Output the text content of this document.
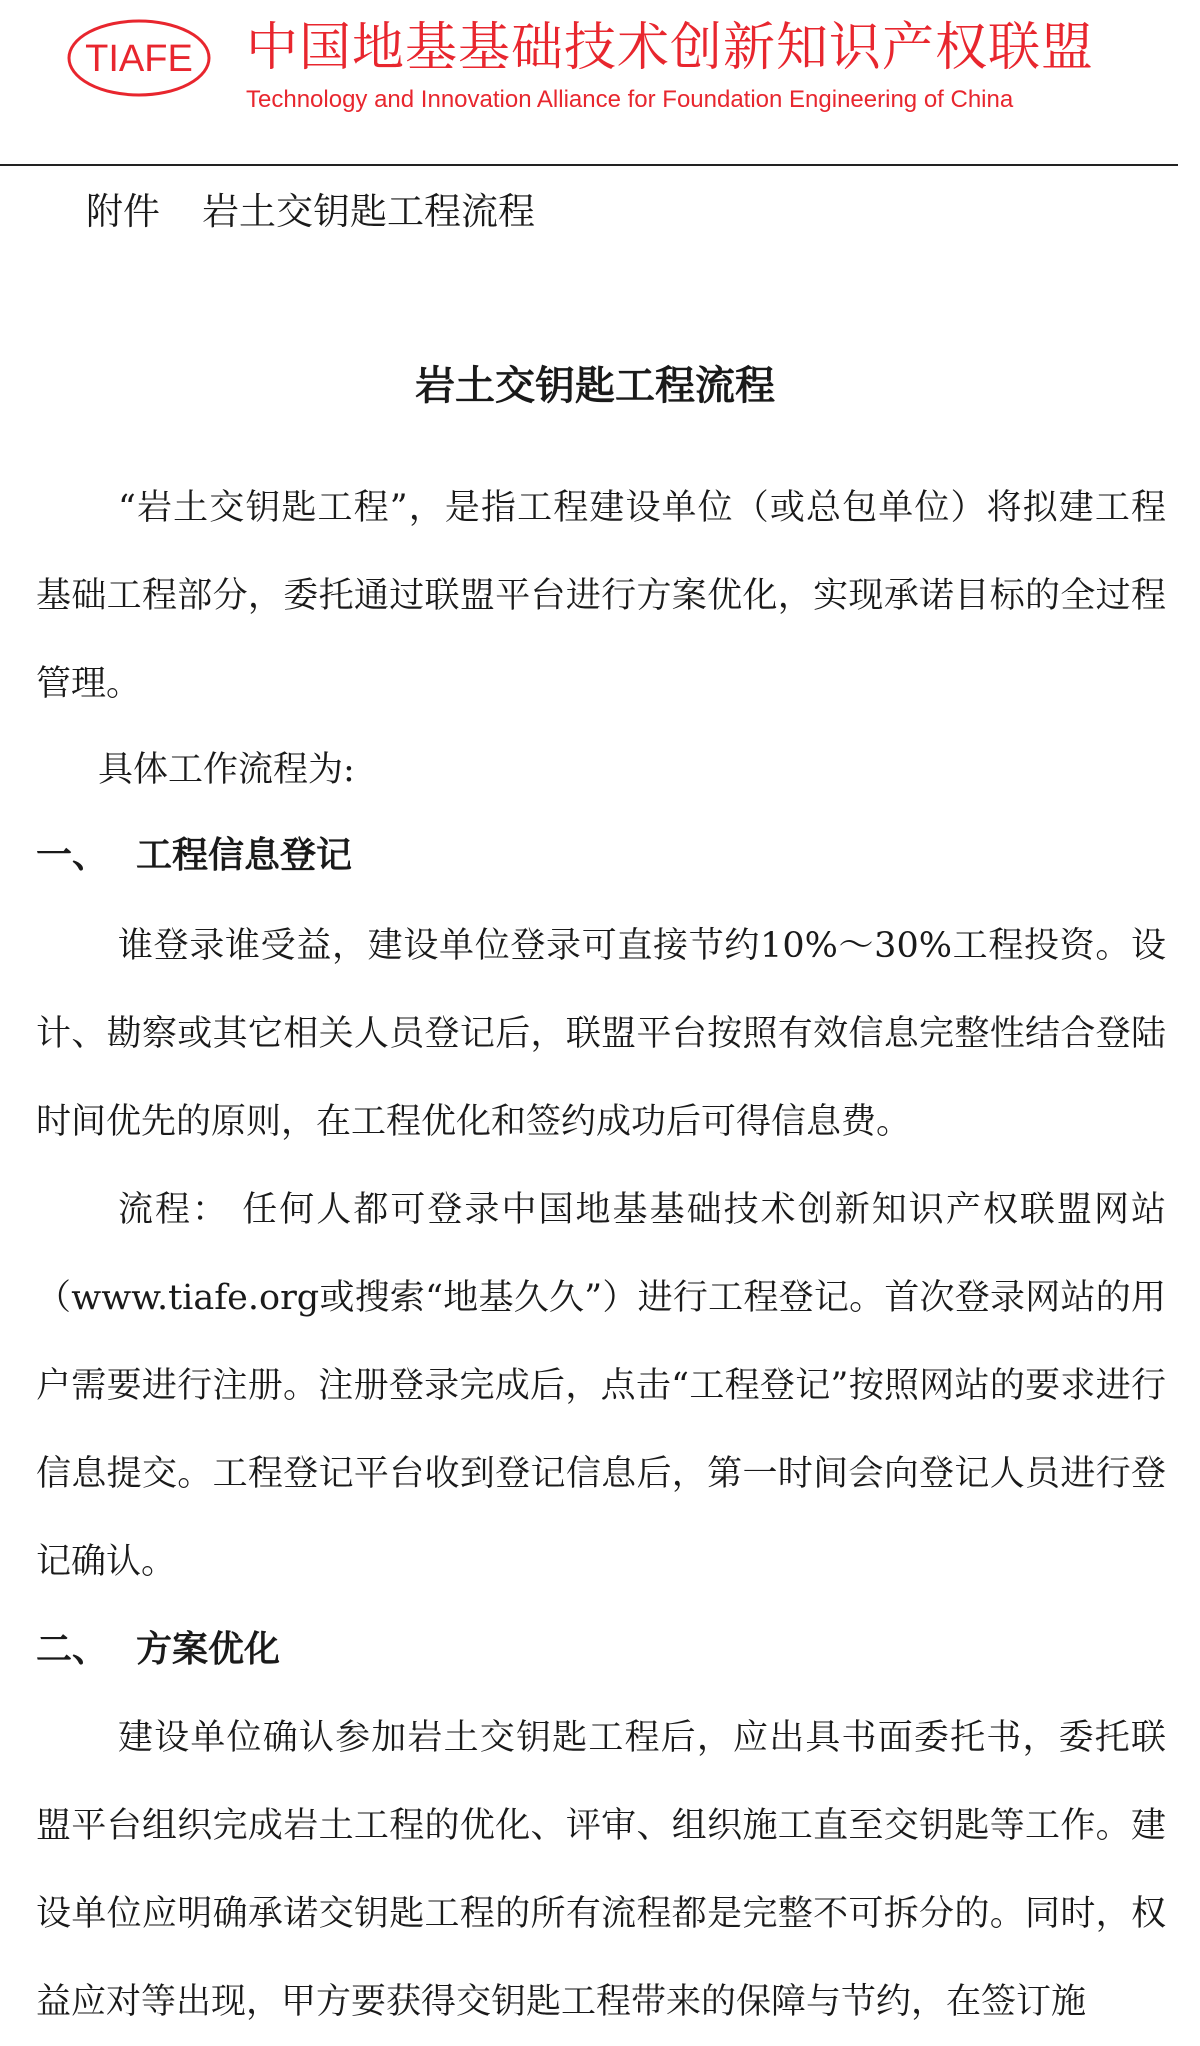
TIAFE 中国地基基础技术创新知识产权联盟
Technology and Innovation Alliance for Foundation Engineering of China
附件 岩土交钥匙工程流程
岩土交钥匙工程流程
“岩土交钥匙工程”，是指工程建设单位（或总包单位）将拟建工程基础工程部分，委托通过联盟平台进行方案优化，实现承诺目标的全过程管理。
具体工作流程为:
一、 工程信息登记
谁登录谁受益，建设单位登录可直接节约10%～30%工程投资。设计、勘察或其它相关人员登记后，联盟平台按照有效信息完整性结合登陆时间优先的原则，在工程优化和签约成功后可得信息费。
流程： 任何人都可登录中国地基基础技术创新知识产权联盟网站（www.tiafe.org或搜索“地基久久”）进行工程登记。首次登录网站的用户需要进行注册。注册登录完成后，点击“工程登记”按照网站的要求进行信息提交。工程登记平台收到登记信息后，第一时间会向登记人员进行登记确认。
二、 方案优化
建设单位确认参加岩土交钥匙工程后，应出具书面委托书，委托联盟平台组织完成岩土工程的优化、评审、组织施工直至交钥匙等工作。建设单位应明确承诺交钥匙工程的所有流程都是完整不可拆分的。同时，权益应对等出现，甲方要获得交钥匙工程带来的保障与节约，在签订施
